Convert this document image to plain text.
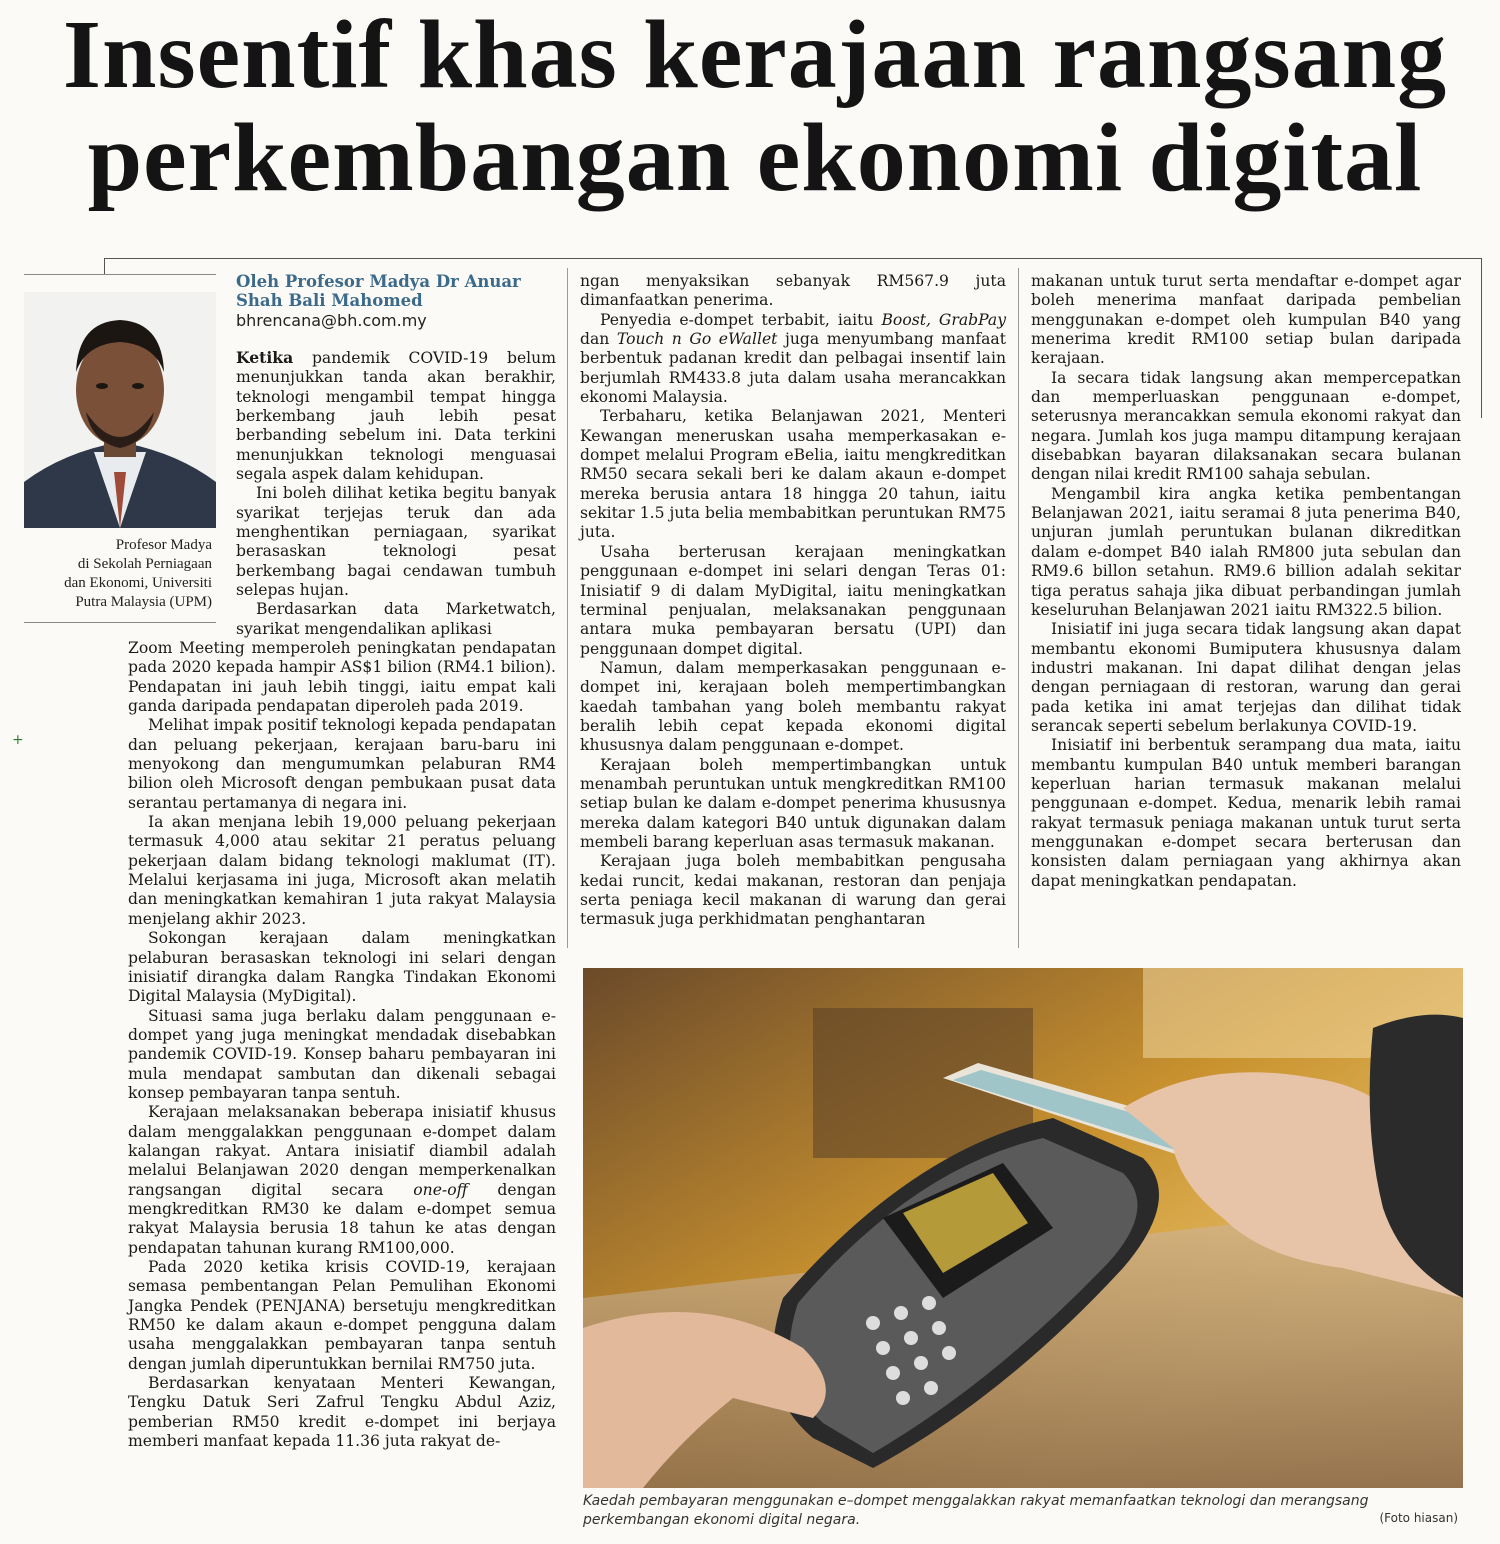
Insentif khas kerajaan rangsang
perkembangan ekonomi digital
Profesor Madya
di Sekolah Perniagaan
dan Ekonomi, Universiti
Putra Malaysia (UPM)
+
Oleh Profesor Madya Dr Anuar
Shah Bali Mahomed
bhrencana@bh.com.my

Ketika pandemik COVID-19 belum menunjukkan tanda akan berakhir, teknologi mengambil tempat hingga berkembang jauh lebih pesat berbanding sebelum ini. Data terkini menunjukkan teknologi menguasai segala aspek dalam kehidupan.

Ini boleh dilihat ketika begitu banyak syarikat terjejas teruk dan ada menghentikan perniagaan, syarikat berasaskan teknologi pesat berkembang bagai cendawan tumbuh selepas hujan.

Berdasarkan data Marketwatch, syarikat mengendalikan aplikasi

Zoom Meeting memperoleh peningkatan pendapatan pada 2020 kepada hampir AS$1 bilion (RM4.1 bilion). Pendapatan ini jauh lebih tinggi, iaitu empat kali ganda daripada pendapatan diperoleh pada 2019.

Melihat impak positif teknologi kepada pendapatan dan peluang pekerjaan, kerajaan baru-baru ini menyokong dan mengumumkan pelaburan RM4 bilion oleh Microsoft dengan pembukaan pusat data serantau pertamanya di negara ini.

Ia akan menjana lebih 19,000 peluang pekerjaan termasuk 4,000 atau sekitar 21 peratus peluang pekerjaan dalam bidang teknologi maklumat (IT). Melalui kerjasama ini juga, Microsoft akan melatih dan meningkatkan kemahiran 1 juta rakyat Malaysia menjelang akhir 2023.

Sokongan kerajaan dalam meningkatkan pelaburan berasaskan teknologi ini selari dengan inisiatif dirangka dalam Rangka Tindakan Ekonomi Digital Malaysia (MyDigital).

Situasi sama juga berlaku dalam penggunaan e-dompet yang juga meningkat mendadak disebabkan pandemik COVID-19. Konsep baharu pembayaran ini mula mendapat sambutan dan dikenali sebagai konsep pembayaran tanpa sentuh.

Kerajaan melaksanakan beberapa inisiatif khusus dalam menggalakkan penggunaan e-dompet dalam kalangan rakyat. Antara inisiatif diambil adalah melalui Belanjawan 2020 dengan memperkenalkan rangsangan digital secara one-off dengan mengkreditkan RM30 ke dalam e-dompet semua rakyat Malaysia berusia 18 tahun ke atas dengan pendapatan tahunan kurang RM100,000.

Pada 2020 ketika krisis COVID-19, kerajaan semasa pembentangan Pelan Pemulihan Ekonomi Jangka Pendek (PENJANA) bersetuju mengkreditkan RM50 ke dalam akaun e-dompet pengguna dalam usaha menggalakkan pembayaran tanpa sentuh dengan jumlah diperuntukkan bernilai RM750 juta.

Berdasarkan kenyataan Menteri Kewangan, Tengku Datuk Seri Zafrul Tengku Abdul Aziz, pemberian RM50 kredit e-dompet ini berjaya memberi manfaat kepada 11.36 juta rakyat de-

ngan menyaksikan sebanyak RM567.9 juta dimanfaatkan penerima.

Penyedia e-dompet terbabit, iaitu Boost, GrabPay dan Touch n Go eWallet juga menyumbang manfaat berbentuk padanan kredit dan pelbagai insentif lain berjumlah RM433.8 juta dalam usaha merancakkan ekonomi Malaysia.

Terbaharu, ketika Belanjawan 2021, Menteri Kewangan meneruskan usaha memperkasakan e-dompet melalui Program eBelia, iaitu mengkreditkan RM50 secara sekali beri ke dalam akaun e-dompet mereka berusia antara 18 hingga 20 tahun, iaitu sekitar 1.5 juta belia membabitkan peruntukan RM75 juta.

Usaha berterusan kerajaan meningkatkan penggunaan e-dompet ini selari dengan Teras 01: Inisiatif 9 di dalam MyDigital, iaitu meningkatkan terminal penjualan, melaksanakan penggunaan antara muka pembayaran bersatu (UPI) dan penggunaan dompet digital.

Namun, dalam memperkasakan penggunaan e-dompet ini, kerajaan boleh mempertimbangkan kaedah tambahan yang boleh membantu rakyat beralih lebih cepat kepada ekonomi digital khususnya dalam penggunaan e-dompet.

Kerajaan boleh mempertimbangkan untuk menambah peruntukan untuk mengkreditkan RM100 setiap bulan ke dalam e-dompet penerima khususnya mereka dalam kategori B40 untuk digunakan dalam membeli barang keperluan asas termasuk makanan.

Kerajaan juga boleh membabitkan pengusaha kedai runcit, kedai makanan, restoran dan penjaja serta peniaga kecil makanan di warung dan gerai termasuk juga perkhidmatan penghantaran

makanan untuk turut serta mendaftar e-dompet agar boleh menerima manfaat daripada pembelian menggunakan e-dompet oleh kumpulan B40 yang menerima kredit RM100 setiap bulan daripada kerajaan.

Ia secara tidak langsung akan mempercepatkan dan memperluaskan penggunaan e-dompet, seterusnya merancakkan semula ekonomi rakyat dan negara. Jumlah kos juga mampu ditampung kerajaan disebabkan bayaran dilaksanakan secara bulanan dengan nilai kredit RM100 sahaja sebulan.

Mengambil kira angka ketika pembentangan Belanjawan 2021, iaitu seramai 8 juta penerima B40, unjuran jumlah peruntukan bulanan dikreditkan dalam e-dompet B40 ialah RM800 juta sebulan dan RM9.6 billon setahun. RM9.6 billion adalah sekitar tiga peratus sahaja jika dibuat perbandingan jumlah keseluruhan Belanjawan 2021 iaitu RM322.5 bilion.

Inisiatif ini juga secara tidak langsung akan dapat membantu ekonomi Bumiputera khususnya dalam industri makanan. Ini dapat dilihat dengan jelas dengan perniagaan di restoran, warung dan gerai pada ketika ini amat terjejas dan dilihat tidak serancak seperti sebelum berlakunya COVID-19.

Inisiatif ini berbentuk serampang dua mata, iaitu membantu kumpulan B40 untuk memberi barangan keperluan harian termasuk makanan melalui penggunaan e-dompet. Kedua, menarik lebih ramai rakyat termasuk peniaga makanan untuk turut serta menggunakan e-dompet secara berterusan dan konsisten dalam perniagaan yang akhirnya akan dapat meningkatkan pendapatan.

Kaedah pembayaran menggunakan e–dompet menggalakkan rakyat memanfaatkan teknologi dan merangsang perkembangan ekonomi digital negara.	(Foto hiasan)
